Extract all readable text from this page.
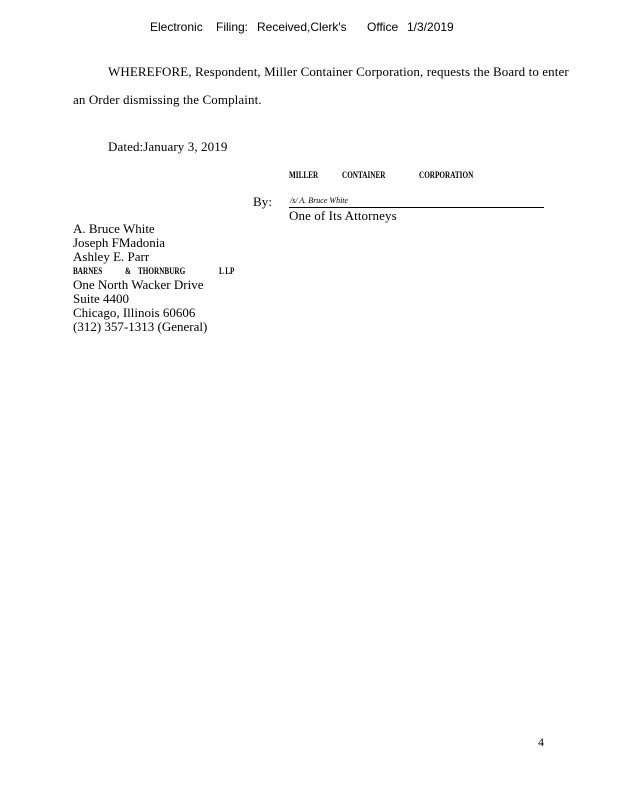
Electronic Filing: Received,Clerk's Office 1/3/2019
WHEREFORE, Respondent, Miller Container Corporation, requests the Board to enter
an Order dismissing the Complaint.
Dated:January 3, 2019
MILLER	CONTAINER	CORPORATION
By: /s/ A. Bruce White
One of Its Attorneys
A. Bruce White
Joseph FMadonia
Ashley E. Parr
BARNES	& THORNBURG	L LP
One North Wacker Drive
Suite 4400
Chicago, Illinois 60606
(312) 357-1313 (General)
4
